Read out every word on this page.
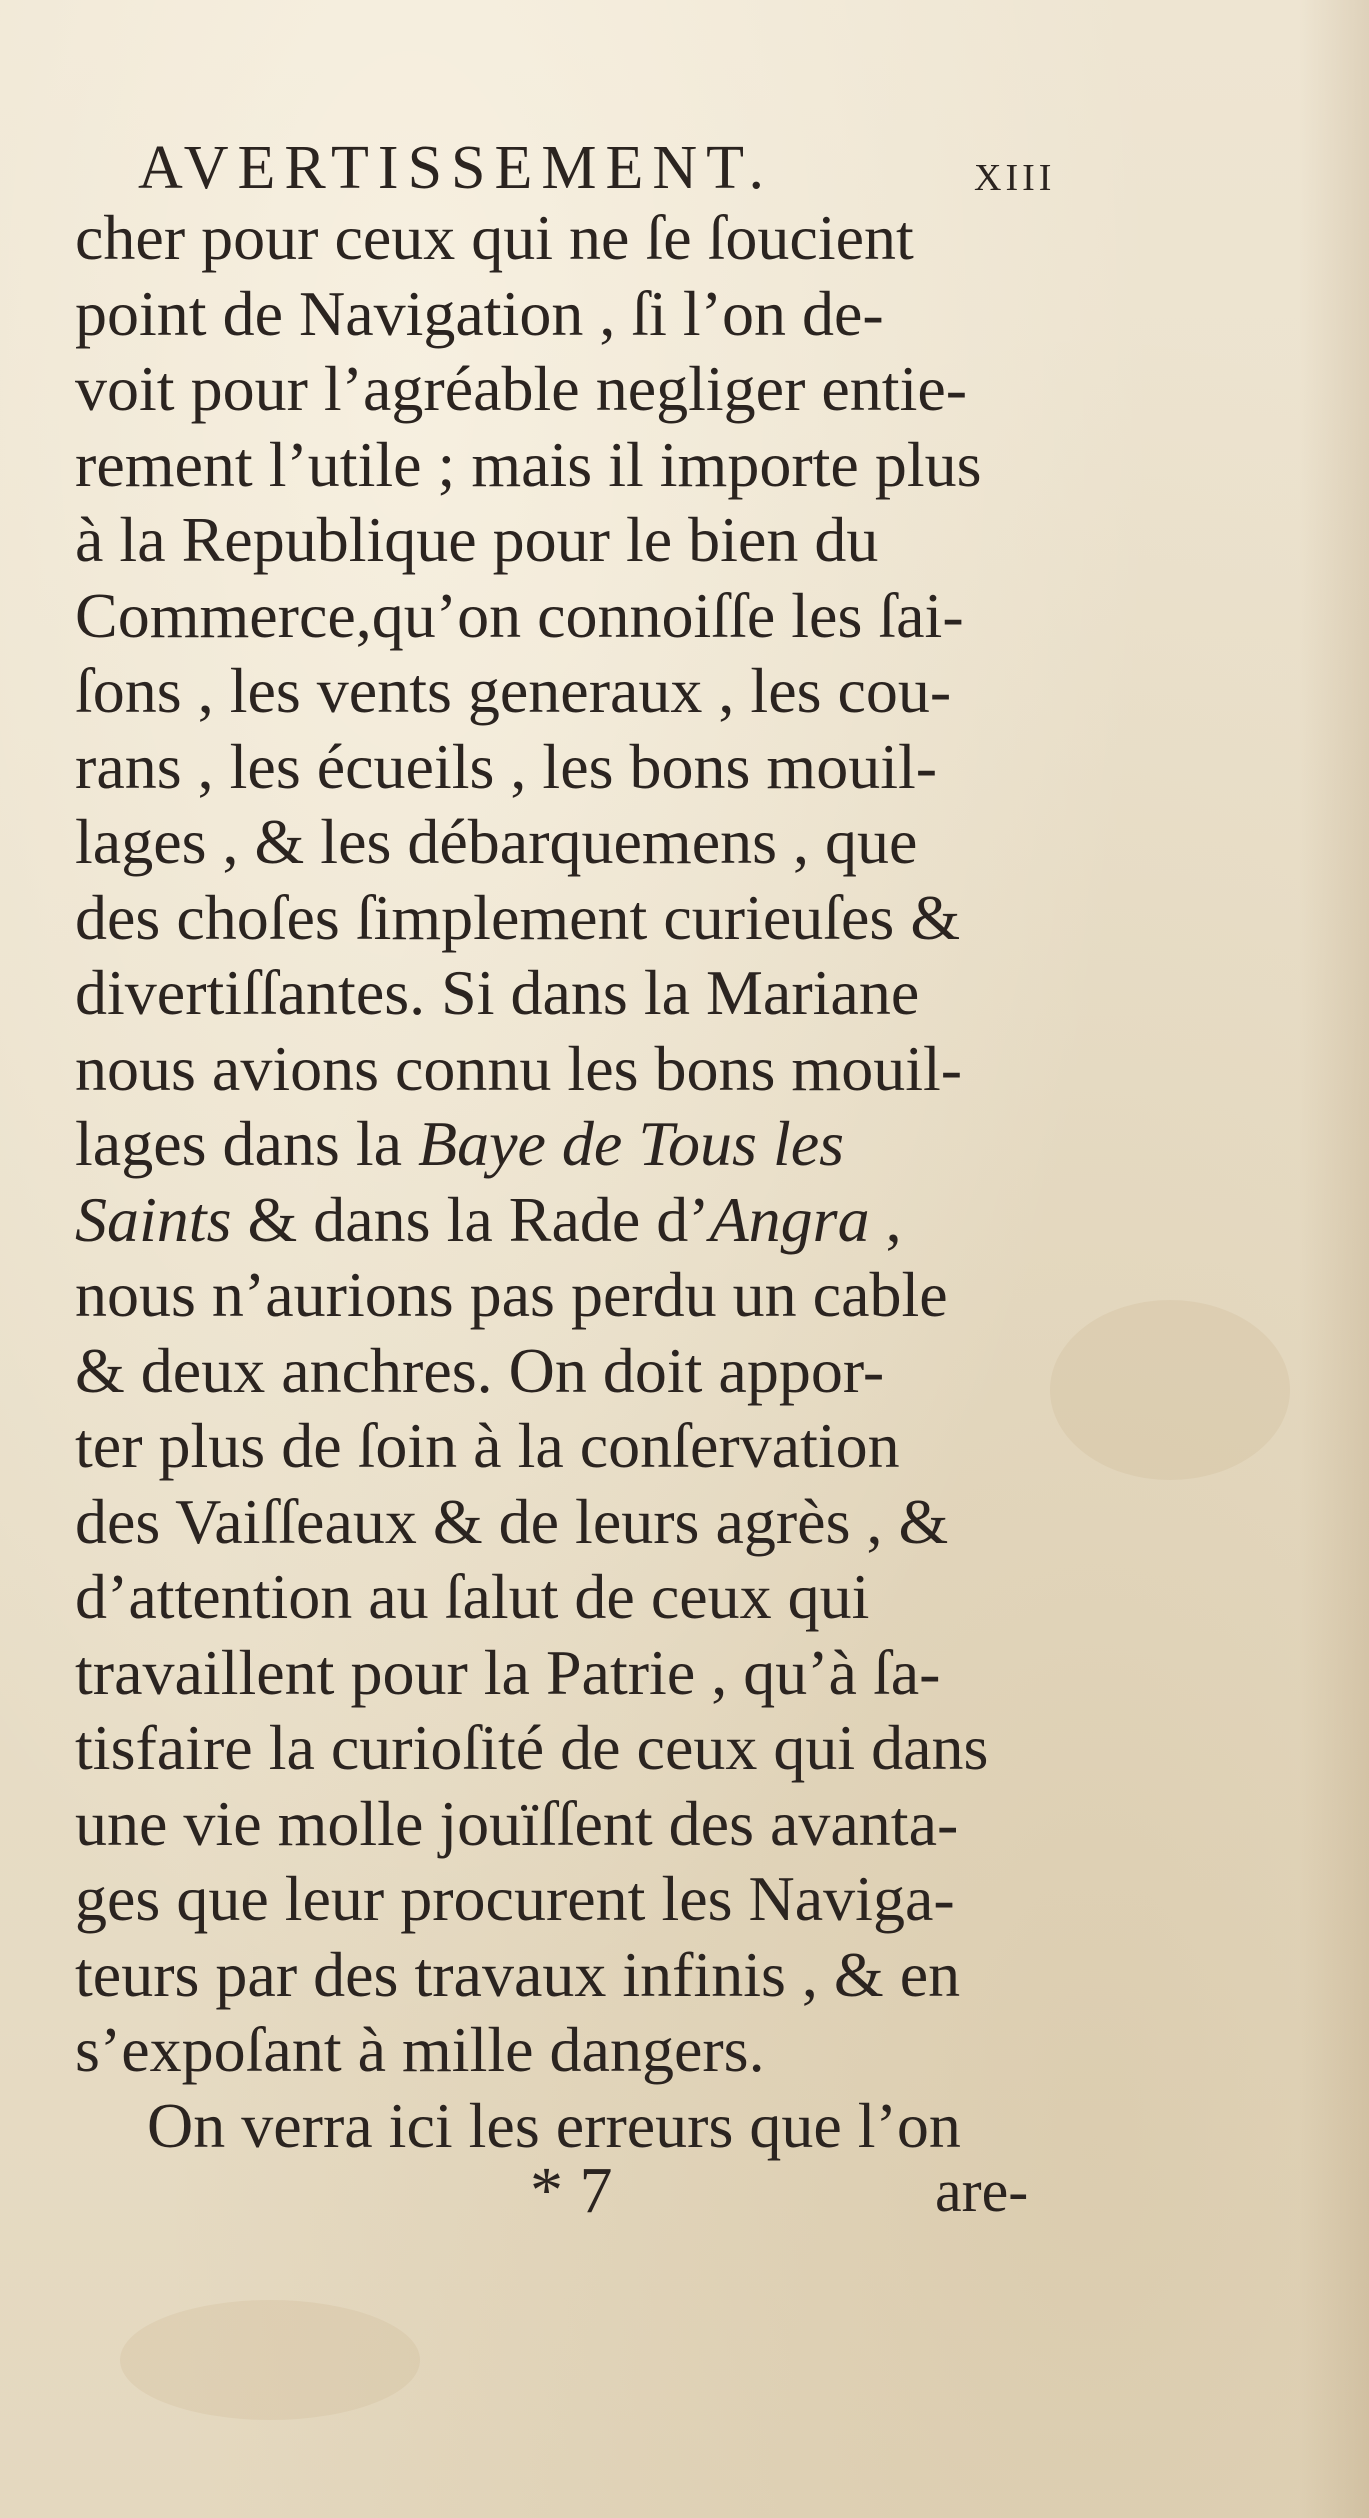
AVERTISSEMENT.	xiii
cher pour ceux qui ne ſe ſoucient
point de Navigation , ſi l’on de-
voit pour l’agréable negliger entie-
rement l’utile ; mais il importe plus
à la Republique pour le bien du
Commerce,qu’on connoiſſe les ſai-
ſons , les vents generaux , les cou-
rans , les écueils , les bons mouil-
lages , & les débarquemens , que
des choſes ſimplement curieuſes &
divertiſſantes. Si dans la Mariane
nous avions connu les bons mouil-
lages dans la Baye de Tous les
Saints & dans la Rade d’Angra ,
nous n’aurions pas perdu un cable
& deux anchres. On doit appor-
ter plus de ſoin à la conſervation
des Vaiſſeaux & de leurs agrès , &
d’attention au ſalut de ceux qui
travaillent pour la Patrie , qu’à ſa-
tisfaire la curioſité de ceux qui dans
une vie molle jouïſſent des avanta-
ges que leur procurent les Naviga-
teurs par des travaux infinis , & en
s’expoſant à mille dangers.
On verra ici les erreurs que l’on
* 7	are-
